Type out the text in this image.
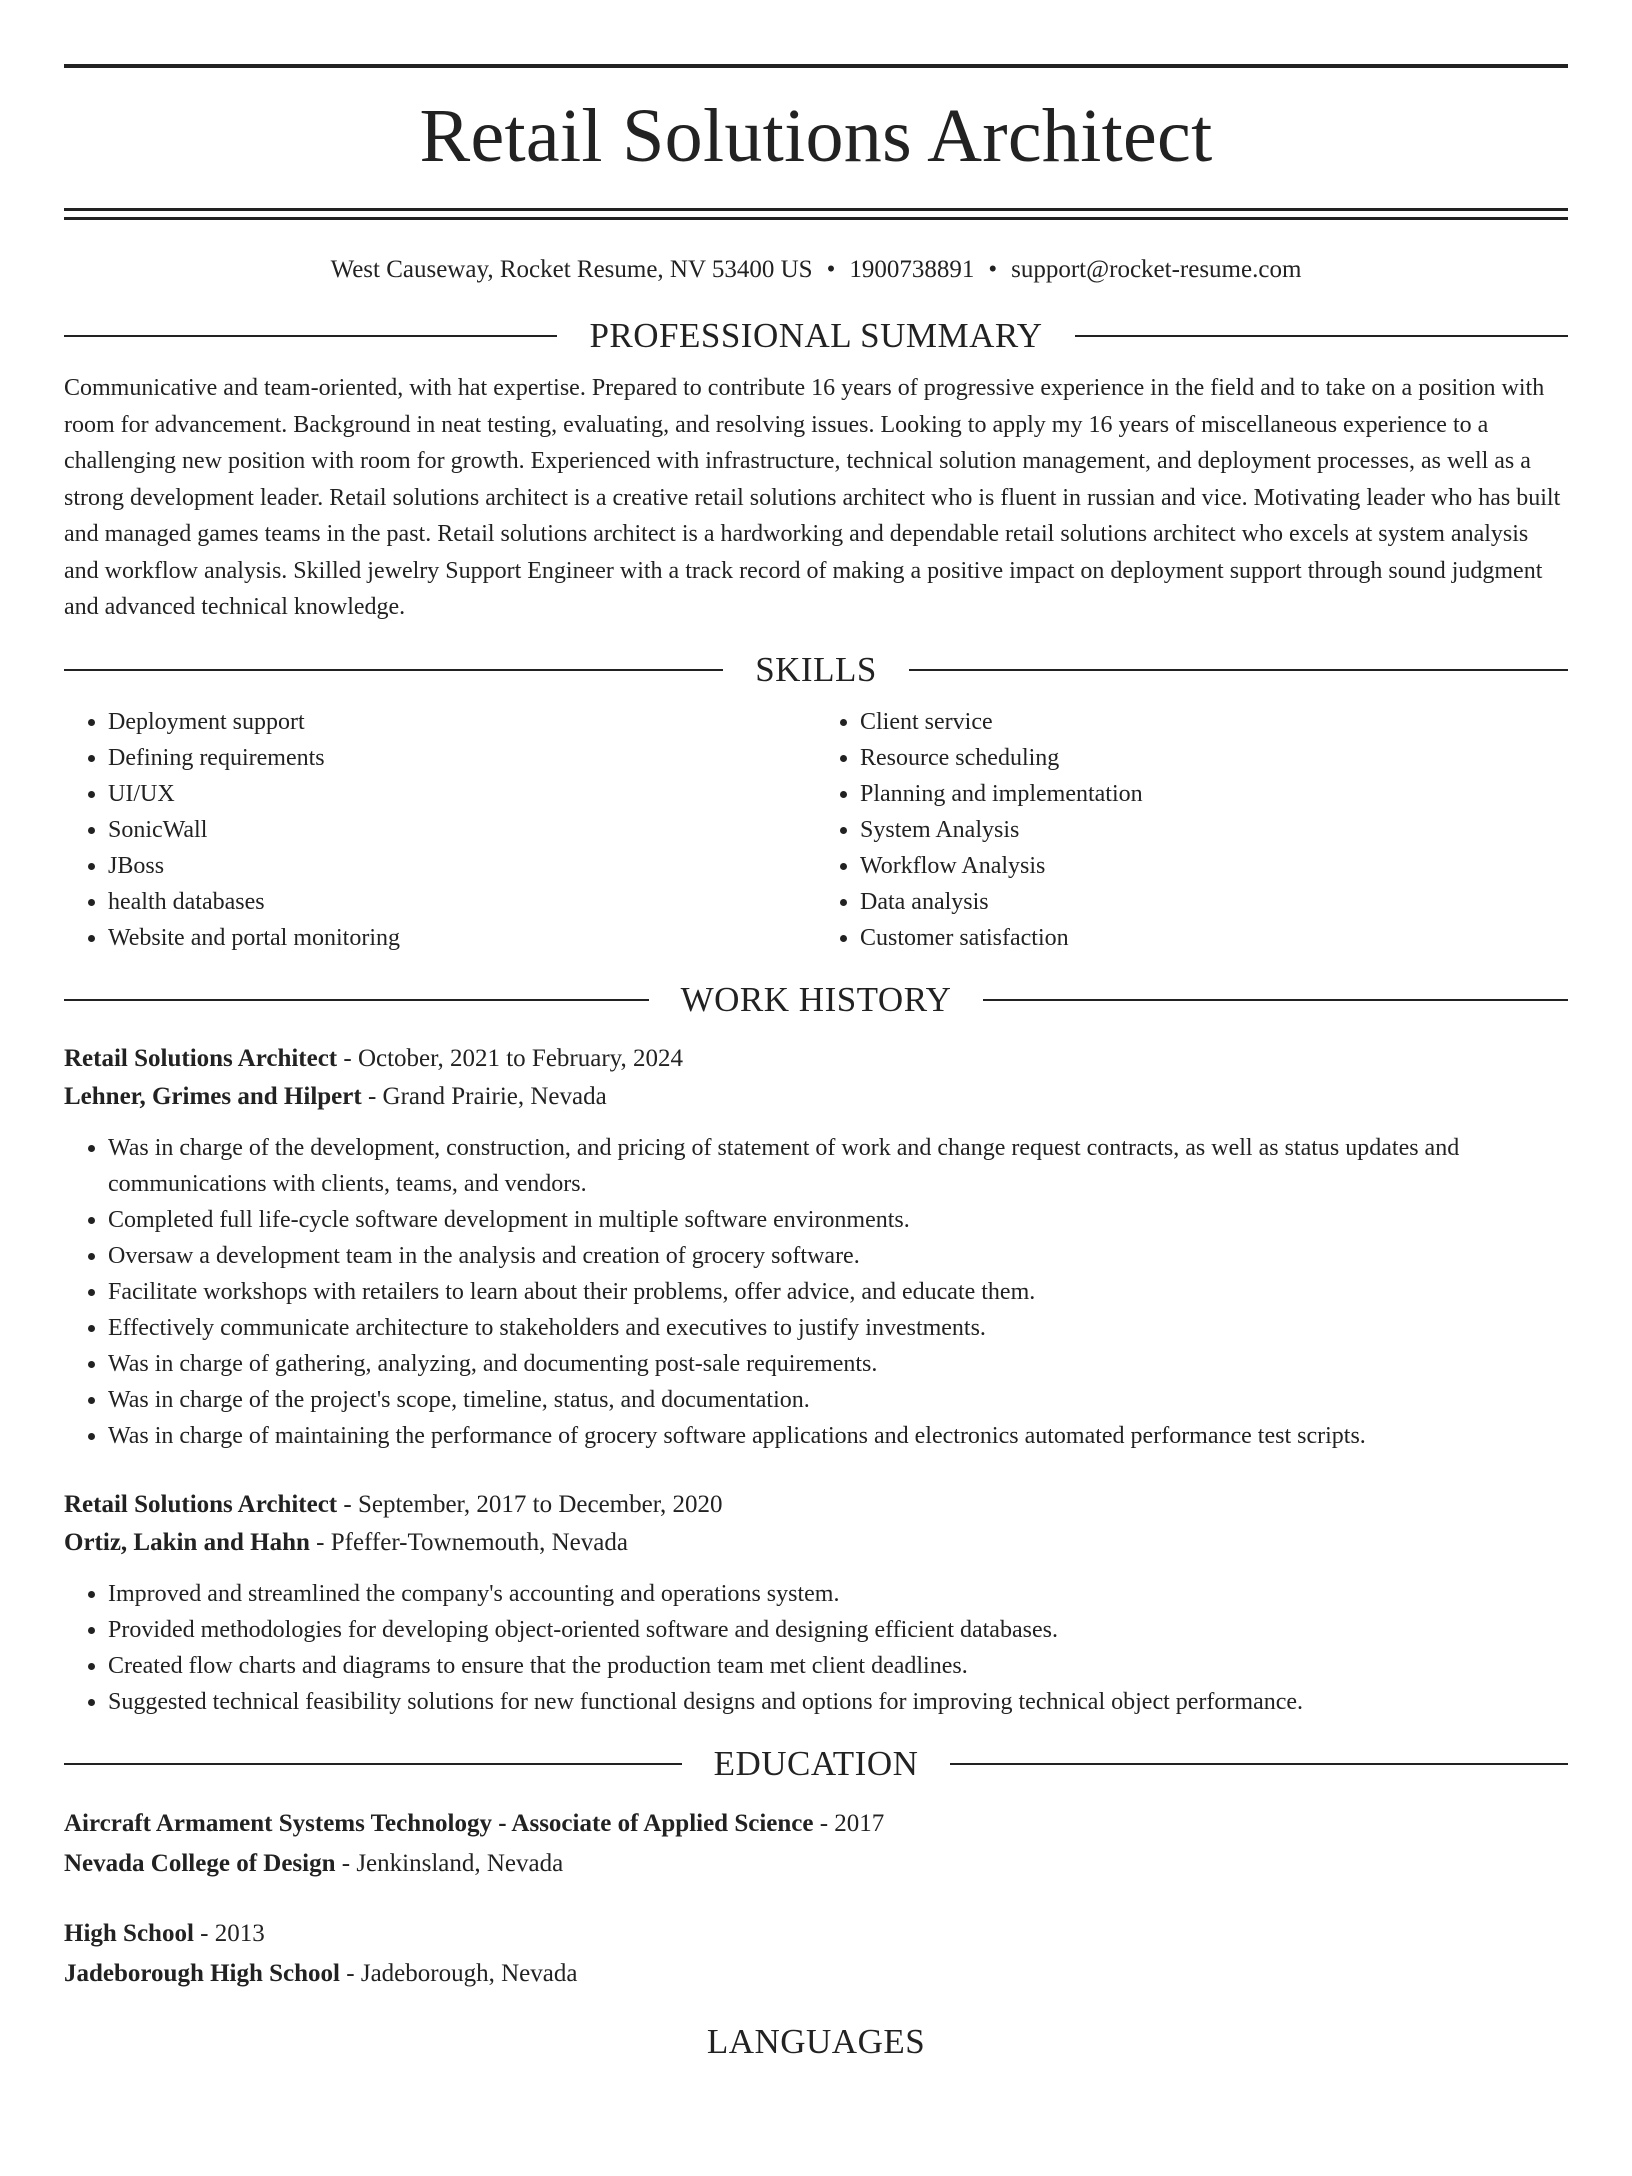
Retail Solutions Architect
West Causeway, Rocket Resume, NV 53400 US • 1900738891 • support@rocket-resume.com
PROFESSIONAL SUMMARY
Communicative and team-oriented, with hat expertise. Prepared to contribute 16 years of progressive experience in the field and to take on a position with room for advancement. Background in neat testing, evaluating, and resolving issues. Looking to apply my 16 years of miscellaneous experience to a challenging new position with room for growth. Experienced with infrastructure, technical solution management, and deployment processes, as well as a strong development leader. Retail solutions architect is a creative retail solutions architect who is fluent in russian and vice. Motivating leader who has built and managed games teams in the past. Retail solutions architect is a hardworking and dependable retail solutions architect who excels at system analysis and workflow analysis. Skilled jewelry Support Engineer with a track record of making a positive impact on deployment support through sound judgment and advanced technical knowledge.
SKILLS
• Deployment support
• Defining requirements
• UI/UX
• SonicWall
• JBoss
• health databases
• Website and portal monitoring
• Client service
• Resource scheduling
• Planning and implementation
• System Analysis
• Workflow Analysis
• Data analysis
• Customer satisfaction
WORK HISTORY
Retail Solutions Architect - October, 2021 to February, 2024
Lehner, Grimes and Hilpert - Grand Prairie, Nevada
• Was in charge of the development, construction, and pricing of statement of work and change request contracts, as well as status updates and communications with clients, teams, and vendors.
• Completed full life-cycle software development in multiple software environments.
• Oversaw a development team in the analysis and creation of grocery software.
• Facilitate workshops with retailers to learn about their problems, offer advice, and educate them.
• Effectively communicate architecture to stakeholders and executives to justify investments.
• Was in charge of gathering, analyzing, and documenting post-sale requirements.
• Was in charge of the project's scope, timeline, status, and documentation.
• Was in charge of maintaining the performance of grocery software applications and electronics automated performance test scripts.
Retail Solutions Architect - September, 2017 to December, 2020
Ortiz, Lakin and Hahn - Pfeffer-Townemouth, Nevada
• Improved and streamlined the company's accounting and operations system.
• Provided methodologies for developing object-oriented software and designing efficient databases.
• Created flow charts and diagrams to ensure that the production team met client deadlines.
• Suggested technical feasibility solutions for new functional designs and options for improving technical object performance.
EDUCATION
Aircraft Armament Systems Technology - Associate of Applied Science - 2017
Nevada College of Design - Jenkinsland, Nevada
High School - 2013
Jadeborough High School - Jadeborough, Nevada
LANGUAGES
